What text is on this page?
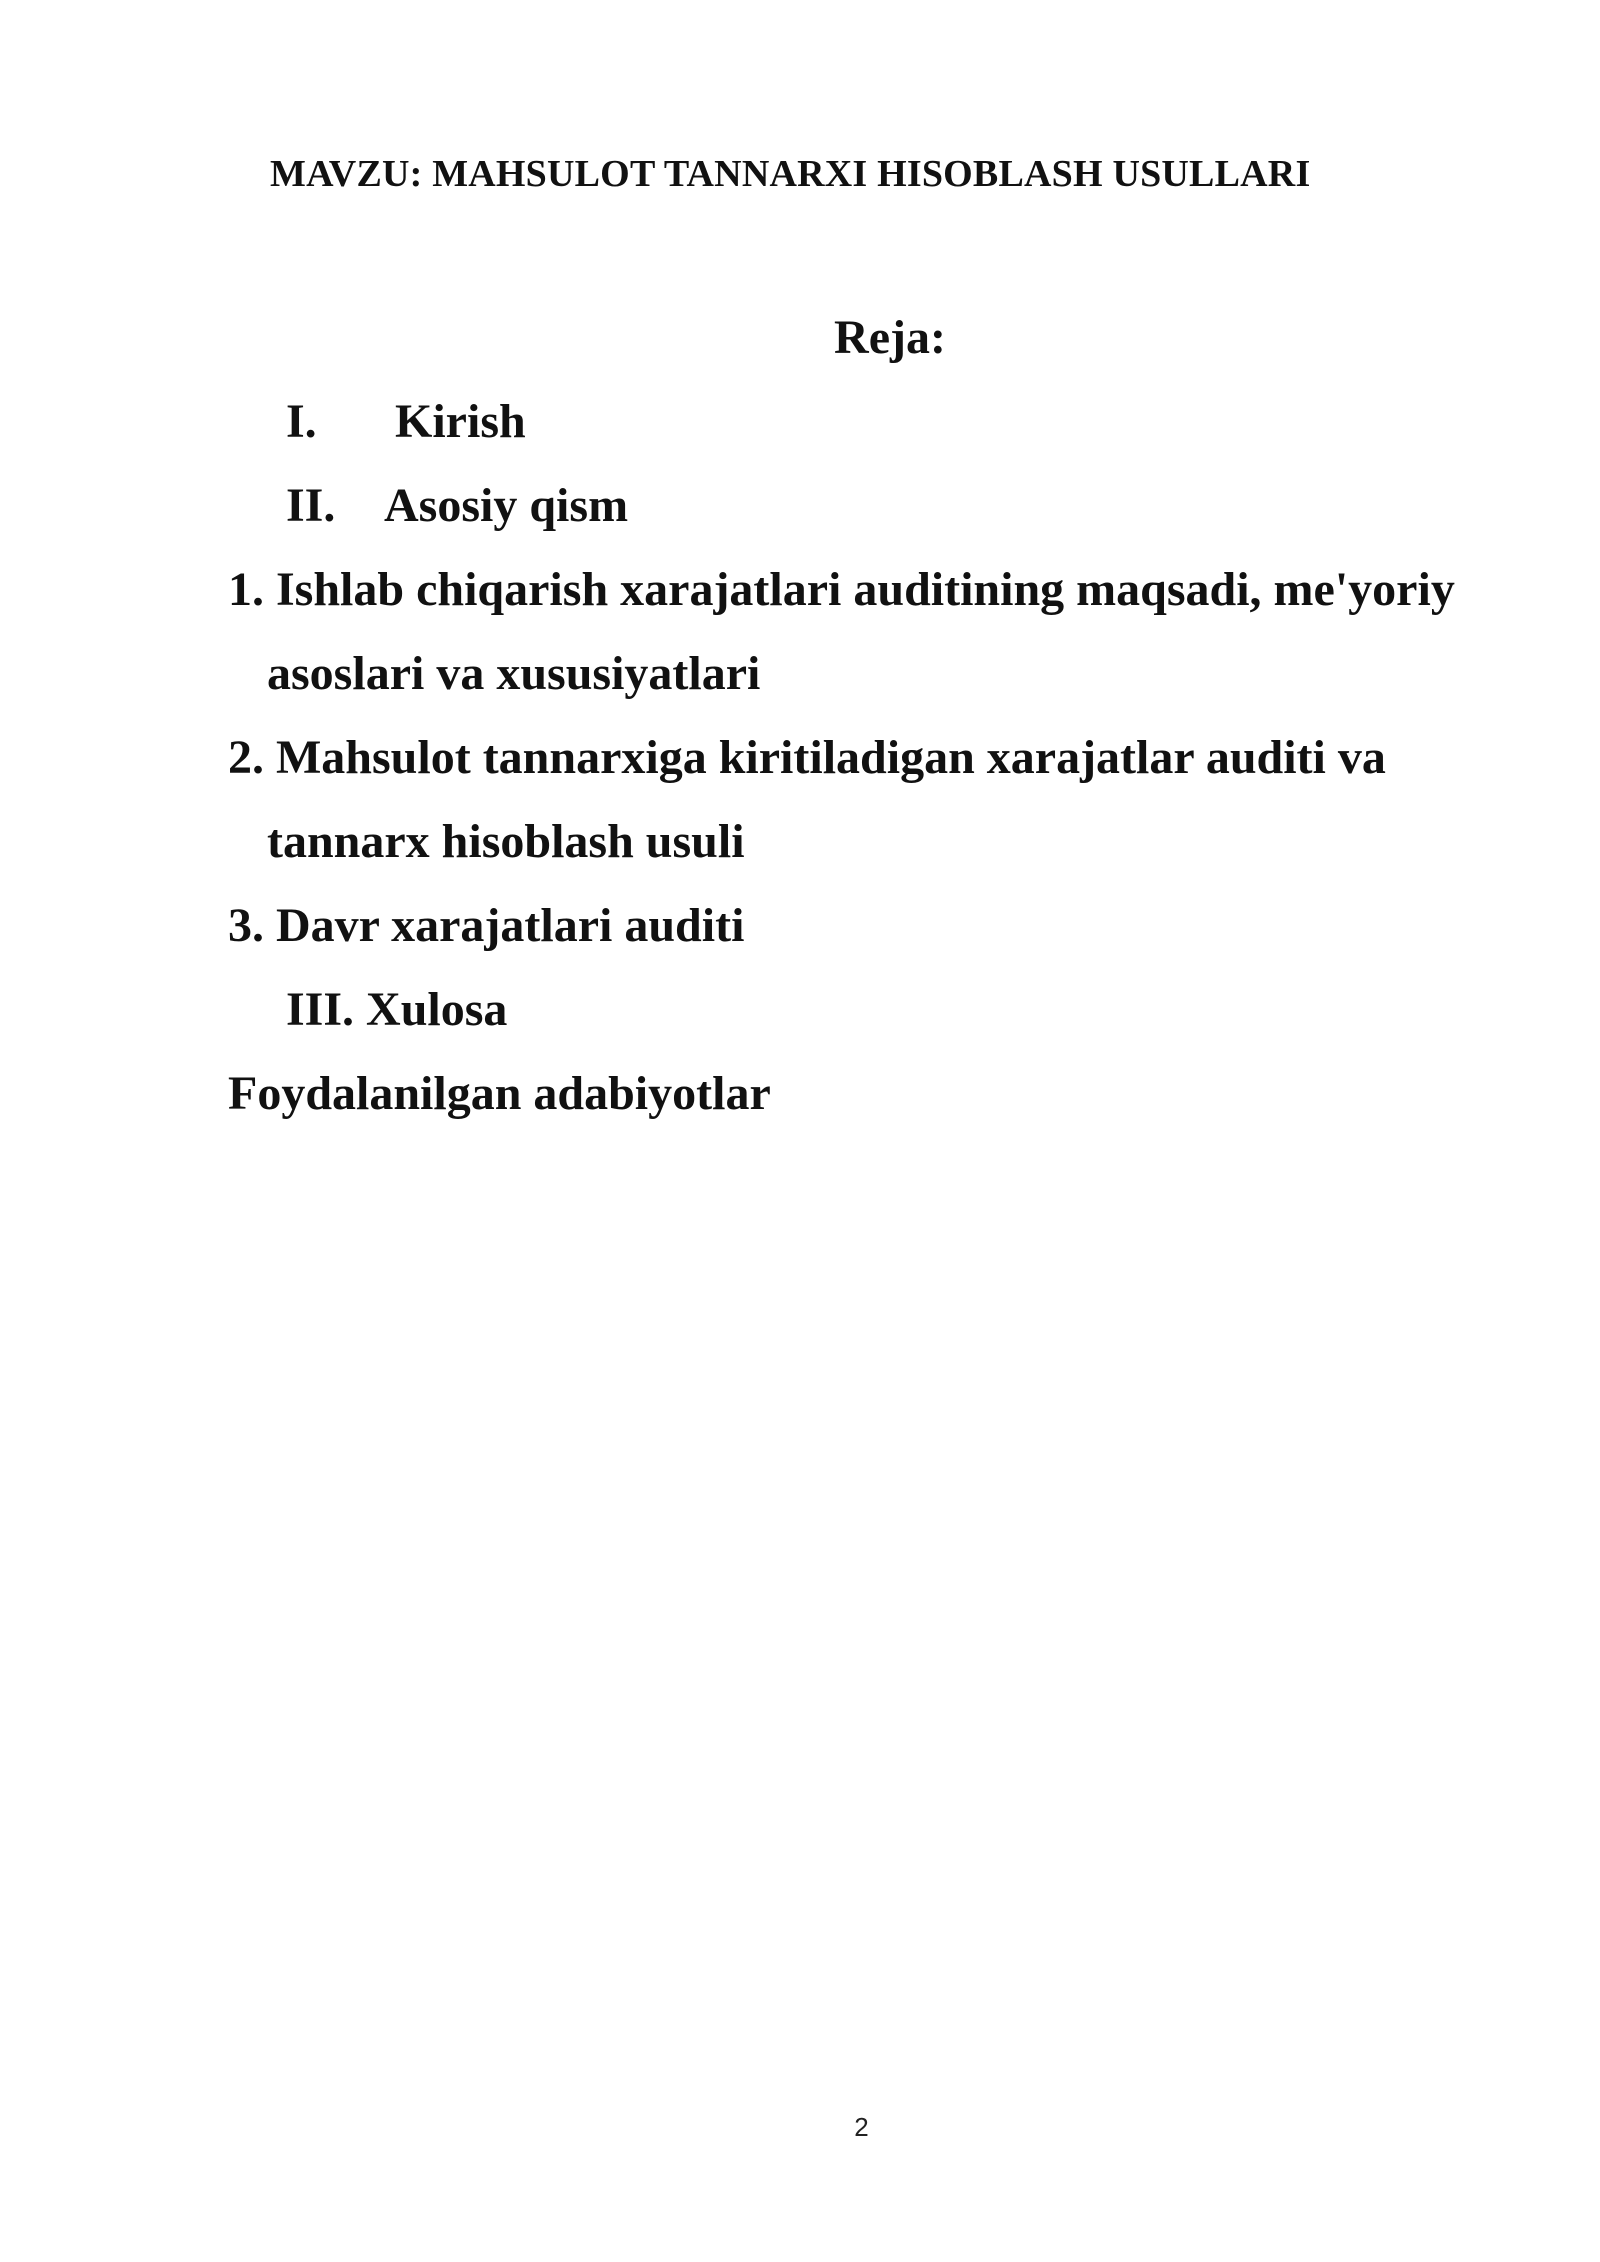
MAVZU: MAHSULOT TANNARXI HISOBLASH USULLARI
Reja:
I. Kirish
II. Asosiy qism
1. Ishlab chiqarish xarajatlari auditining maqsadi, me'yoriy
asoslari va xususiyatlari
2. Mahsulot tannarxiga kiritiladigan xarajatlar auditi va
tannarx hisoblash usuli
3. Davr xarajatlari auditi
III. Xulosa
Foydalanilgan adabiyotlar
2
